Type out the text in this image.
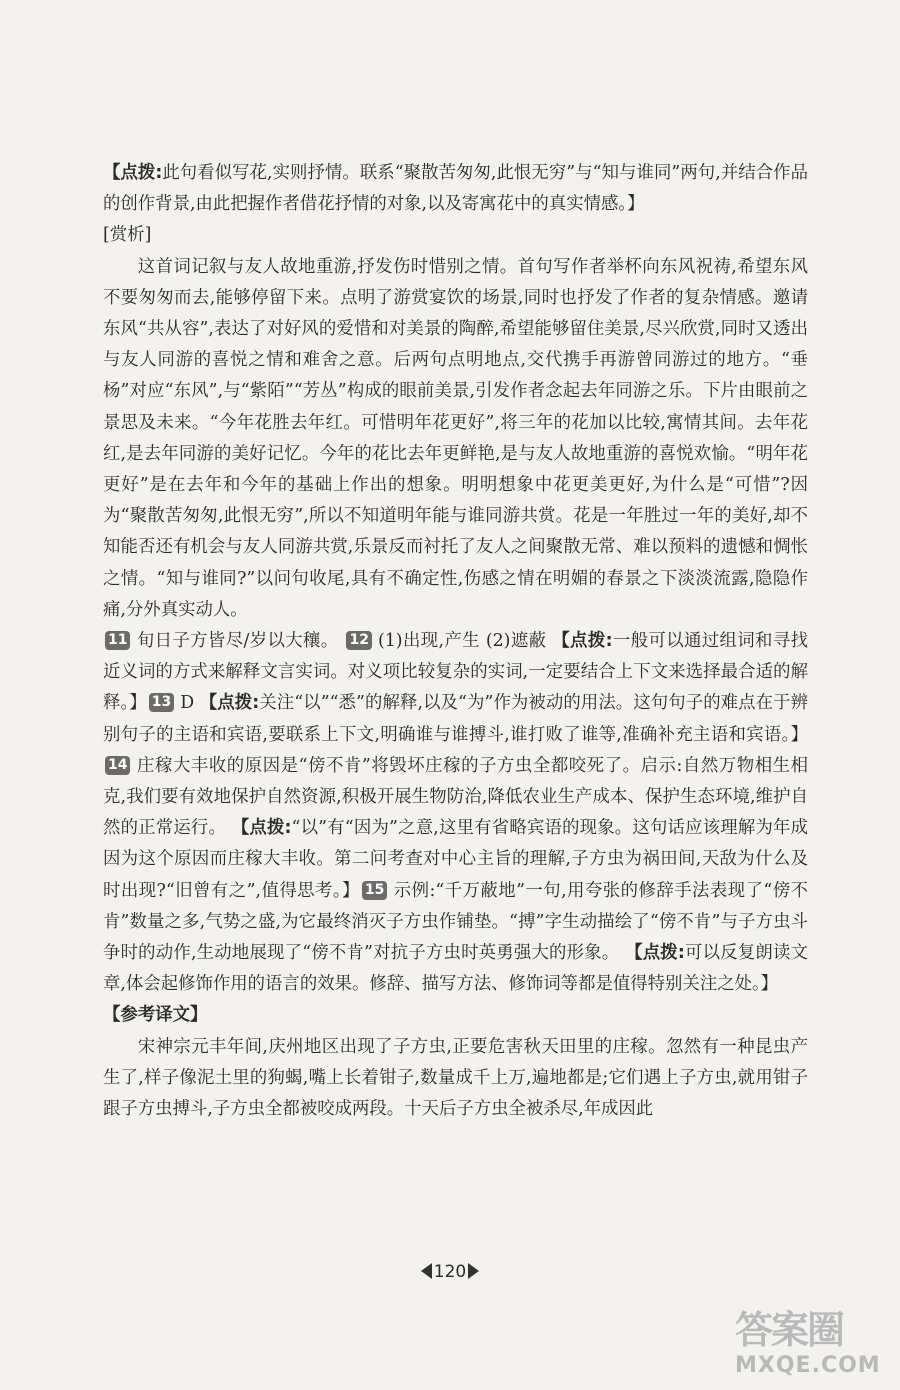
【点拨:此句看似写花,实则抒情。联系“聚散苦匆匆,此恨无穷”与“知与谁同”两句,并结合作品的创作背景,由此把握作者借花抒情的对象,以及寄寓花中的真实情感。】

[赏析]

这首词记叙与友人故地重游,抒发伤时惜别之情。首句写作者举杯向东风祝祷,希望东风不要匆匆而去,能够停留下来。点明了游赏宴饮的场景,同时也抒发了作者的复杂情感。邀请东风“共从容”,表达了对好风的爱惜和对美景的陶醉,希望能够留住美景,尽兴欣赏,同时又透出与友人同游的喜悦之情和难舍之意。后两句点明地点,交代携手再游曾同游过的地方。“垂杨”对应“东风”,与“紫陌”“芳丛”构成的眼前美景,引发作者念起去年同游之乐。下片由眼前之景思及未来。“今年花胜去年红。可惜明年花更好”,将三年的花加以比较,寓情其间。去年花红,是去年同游的美好记忆。今年的花比去年更鲜艳,是与友人故地重游的喜悦欢愉。“明年花更好”是在去年和今年的基础上作出的想象。明明想象中花更美更好,为什么是“可惜”?因为“聚散苦匆匆,此恨无穷”,所以不知道明年能与谁同游共赏。花是一年胜过一年的美好,却不知能否还有机会与友人同游共赏,乐景反而衬托了友人之间聚散无常、难以预料的遗憾和惆怅之情。“知与谁同?”以问句收尾,具有不确定性,伤感之情在明媚的春景之下淡淡流露,隐隐作痛,分外真实动人。

11 旬日子方皆尽/岁以大穰。 12 (1)出现,产生 (2)遮蔽 【点拨:一般可以通过组词和寻找近义词的方式来解释文言实词。对义项比较复杂的实词,一定要结合上下文来选择最合适的解释。】 13 D 【点拨:关注“以”“悉”的解释,以及“为”作为被动的用法。这句句子的难点在于辨别句子的主语和宾语,要联系上下文,明确谁与谁搏斗,谁打败了谁等,准确补充主语和宾语。】14 庄稼大丰收的原因是“傍不肯”将毁坏庄稼的子方虫全都咬死了。启示:自然万物相生相克,我们要有效地保护自然资源,积极开展生物防治,降低农业生产成本、保护生态环境,维护自然的正常运行。 【点拨:“以”有“因为”之意,这里有省略宾语的现象。这句话应该理解为年成因为这个原因而庄稼大丰收。第二问考查对中心主旨的理解,子方虫为祸田间,天敌为什么及时出现?“旧曾有之”,值得思考。】 15 示例:“千万蔽地”一句,用夸张的修辞手法表现了“傍不肯”数量之多,气势之盛,为它最终消灭子方虫作铺垫。“搏”字生动描绘了“傍不肯”与子方虫斗争时的动作,生动地展现了“傍不肯”对抗子方虫时英勇强大的形象。 【点拨:可以反复朗读文章,体会起修饰作用的语言的效果。修辞、描写方法、修饰词等都是值得特别关注之处。】

【参考译文】

宋神宗元丰年间,庆州地区出现了子方虫,正要危害秋天田里的庄稼。忽然有一种昆虫产生了,样子像泥土里的狗蝎,嘴上长着钳子,数量成千上万,遍地都是;它们遇上子方虫,就用钳子跟子方虫搏斗,子方虫全都被咬成两段。十天后子方虫全被杀尽,年成因此

120
答案圈
MXQE.COM
